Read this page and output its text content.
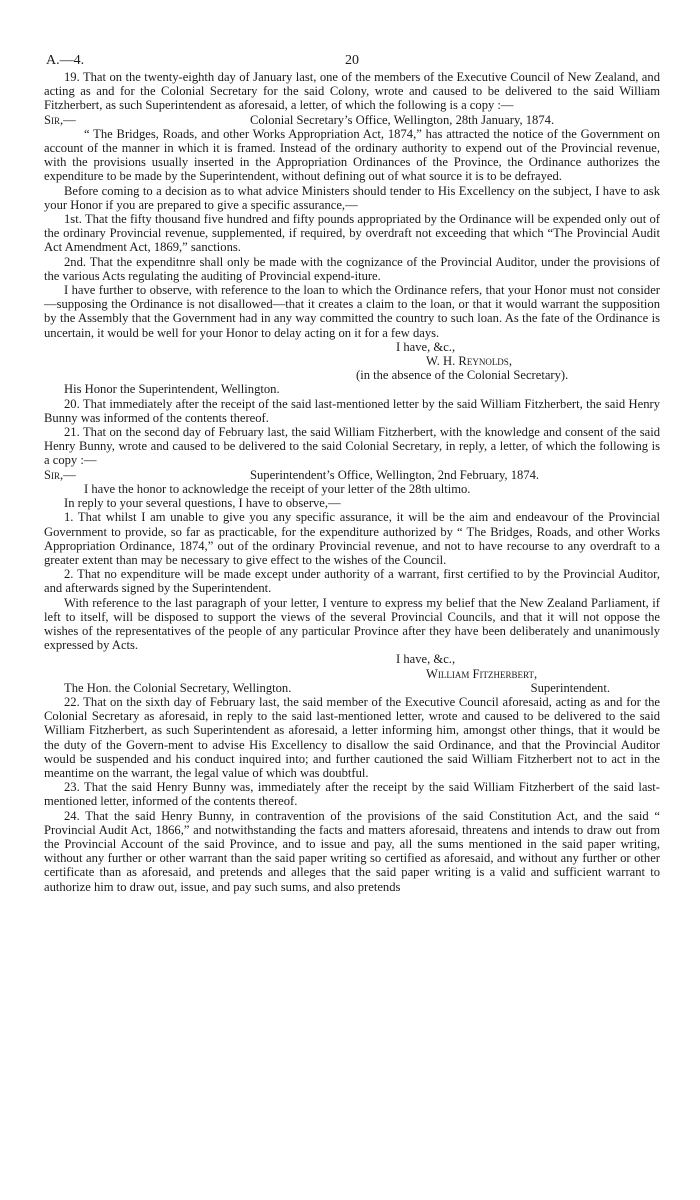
A.—4.	20

19. That on the twenty-eighth day of January last, one of the members of the Executive Council of New Zealand, and acting as and for the Colonial Secretary for the said Colony, wrote and caused to be delivered to the said William Fitzherbert, as such Superintendent as aforesaid, a letter, of which the following is a copy :—

Sir,—	Colonial Secretary’s Office, Wellington, 28th January, 1874.

“ The Bridges, Roads, and other Works Appropriation Act, 1874,” has attracted the notice of the Government on account of the manner in which it is framed. Instead of the ordinary authority to expend out of the Provincial revenue, with the provisions usually inserted in the Appropriation Ordinances of the Province, the Ordinance authorizes the expenditure to be made by the Superintendent, without defining out of what source it is to be defrayed.

Before coming to a decision as to what advice Ministers should tender to His Excellency on the subject, I have to ask your Honor if you are prepared to give a specific assurance,—

1st. That the fifty thousand five hundred and fifty pounds appropriated by the Ordinance will be expended only out of the ordinary Provincial revenue, supplemented, if required, by overdraft not exceeding that which “The Provincial Audit Act Amendment Act, 1869,” sanctions.

2nd. That the expenditnre shall only be made with the cognizance of the Provincial Auditor, under the provisions of the various Acts regulating the auditing of Provincial expend-iture.

I have further to observe, with reference to the loan to which the Ordinance refers, that your Honor must not consider—supposing the Ordinance is not disallowed—that it creates a claim to the loan, or that it would warrant the supposition by the Assembly that the Government had in any way committed the country to such loan. As the fate of the Ordinance is uncertain, it would be well for your Honor to delay acting on it for a few days.

I have, &c.,

W. H. Reynolds,

(in the absence of the Colonial Secretary).

His Honor the Superintendent, Wellington.

20. That immediately after the receipt of the said last-mentioned letter by the said William Fitzherbert, the said Henry Bunny was informed of the contents thereof.

21. That on the second day of February last, the said William Fitzherbert, with the knowledge and consent of the said Henry Bunny, wrote and caused to be delivered to the said Colonial Secretary, in reply, a letter, of which the following is a copy :—

Sir,—	Superintendent’s Office, Wellington, 2nd February, 1874.

I have the honor to acknowledge the receipt of your letter of the 28th ultimo.

In reply to your several questions, I have to observe,—

1. That whilst I am unable to give you any specific assurance, it will be the aim and endeavour of the Provincial Government to provide, so far as practicable, for the expenditure authorized by “ The Bridges, Roads, and other Works Appropriation Ordinance, 1874,” out of the ordinary Provincial revenue, and not to have recourse to any overdraft to a greater extent than may be necessary to give effect to the wishes of the Council.

2. That no expenditure will be made except under authority of a warrant, first certified to by the Provincial Auditor, and afterwards signed by the Superintendent.

With reference to the last paragraph of your letter, I venture to express my belief that the New Zealand Parliament, if left to itself, will be disposed to support the views of the several Provincial Councils, and that it will not oppose the wishes of the representatives of the people of any particular Province after they have been deliberately and unanimously expressed by Acts.

I have, &c.,

William Fitzherbert,

The Hon. the Colonial Secretary, Wellington.	Superintendent.

22. That on the sixth day of February last, the said member of the Executive Council aforesaid, acting as and for the Colonial Secretary as aforesaid, in reply to the said last-mentioned letter, wrote and caused to be delivered to the said William Fitzherbert, as such Superintendent as aforesaid, a letter informing him, amongst other things, that it would be the duty of the Govern-ment to advise His Excellency to disallow the said Ordinance, and that the Provincial Auditor would be suspended and his conduct inquired into; and further cautioned the said William Fitzherbert not to act in the meantime on the warrant, the legal value of which was doubtful.

23. That the said Henry Bunny was, immediately after the receipt by the said William Fitzherbert of the said last-mentioned letter, informed of the contents thereof.

24. That the said Henry Bunny, in contravention of the provisions of the said Constitution Act, and the said “ Provincial Audit Act, 1866,” and notwithstanding the facts and matters aforesaid, threatens and intends to draw out from the Provincial Account of the said Province, and to issue and pay, all the sums mentioned in the said paper writing, without any further or other warrant than the said paper writing so certified as aforesaid, and without any further or other certificate than as aforesaid, and pretends and alleges that the said paper writing is a valid and sufficient warrant to authorize him to draw out, issue, and pay such sums, and also pretends
